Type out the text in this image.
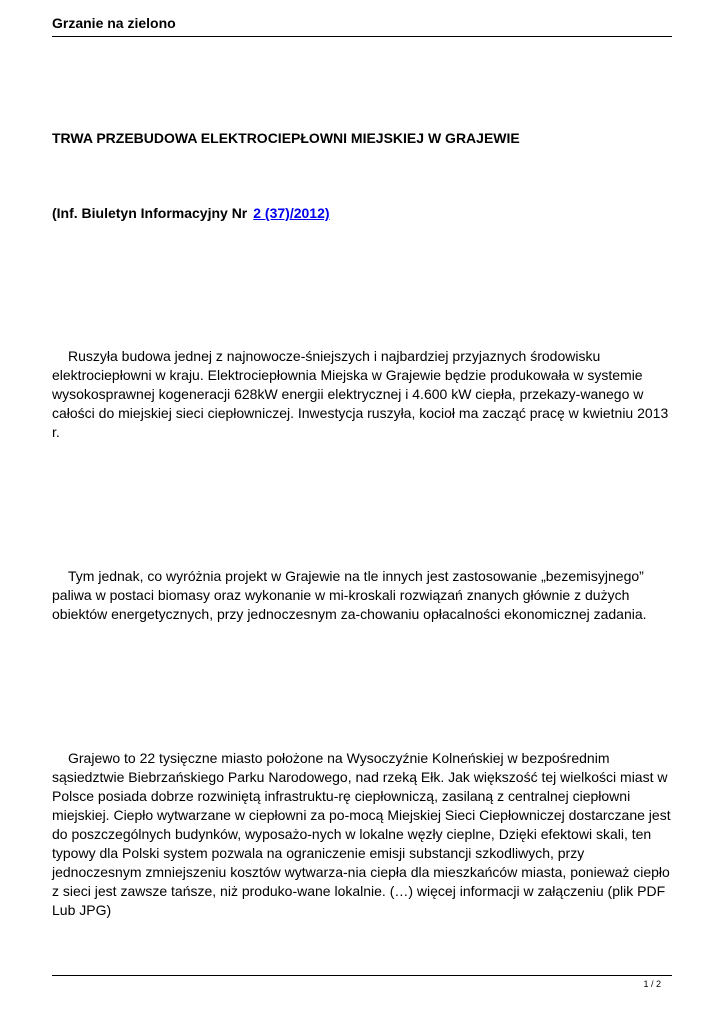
Grzanie na zielono
TRWA PRZEBUDOWA ELEKTROCIEPŁOWNI MIEJSKIEJ W GRAJEWIE
(Inf. Biuletyn Informacyjny Nr 2 (37)/2012)

Ruszyła budowa jednej z najnowocze-śniejszych i najbardziej przyjaznych środowisku elektrociepłowni w kraju. Elektrociepłownia Miejska w Grajewie będzie produkowała w systemie wysokosprawnej kogeneracji 628kW energii elektrycznej i 4.600 kW ciepła, przekazy-wanego w całości do miejskiej sieci ciepłowniczej. Inwestycja ruszyła, kocioł ma zacząć pracę w kwietniu 2013 r.

Tym jednak, co wyróżnia projekt w Grajewie na tle innych jest zastosowanie „bezemisyjnego” paliwa w postaci biomasy oraz wykonanie w mi-kroskali rozwiązań znanych głównie z dużych obiektów energetycznych, przy jednoczesnym za-chowaniu opłacalności ekonomicznej zadania.

Grajewo to 22 tysięczne miasto położone na Wysoczyźnie Kolneńskiej w bezpośrednim sąsiedztwie Biebrzańskiego Parku Narodowego, nad rzeką Ełk. Jak większość tej wielkości miast w Polsce posiada dobrze rozwiniętą infrastruktu-rę ciepłowniczą, zasilaną z centralnej ciepłowni miejskiej. Ciepło wytwarzane w ciepłowni za po-mocą Miejskiej Sieci Ciepłowniczej dostarczane jest do poszczególnych budynków, wyposażo-nych w lokalne węzły cieplne, Dzięki efektowi skali, ten typowy dla Polski system pozwala na ograniczenie emisji substancji szkodliwych, przy jednoczesnym zmniejszeniu kosztów wytwarza-nia ciepła dla mieszkańców miasta, ponieważ ciepło z sieci jest zawsze tańsze, niż produko-wane lokalnie. (…) więcej informacji w załączeniu (plik PDF Lub JPG)

1 / 2
